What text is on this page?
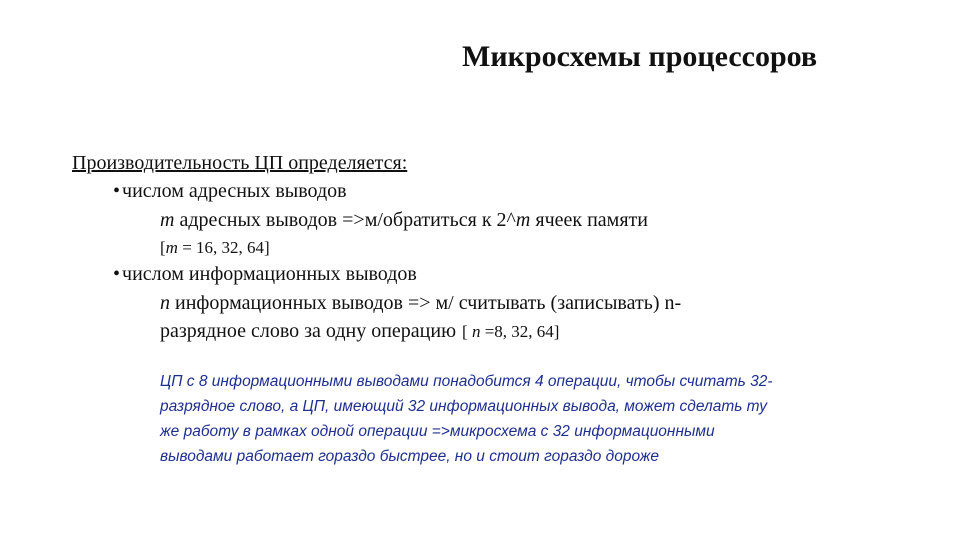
Микросхемы процессоров
Производительность ЦП определяется:
• числом адресных выводов
m адресных выводов =>м/обратиться к 2^m ячеек памяти
[m = 16, 32, 64]
• числом информационных выводов
n информационных выводов => м/ считывать (записывать) n-
разрядное слово за одну операцию [ n =8, 32, 64]
ЦП с 8 информационными выводами понадобится 4 операции, чтобы считать 32-
разрядное слово, а ЦП, имеющий 32 информационных вывода, может сделать ту
же работу в рамках одной операции =>микросхема с 32 информационными
выводами работает гораздо быстрее, но и стоит гораздо дороже
